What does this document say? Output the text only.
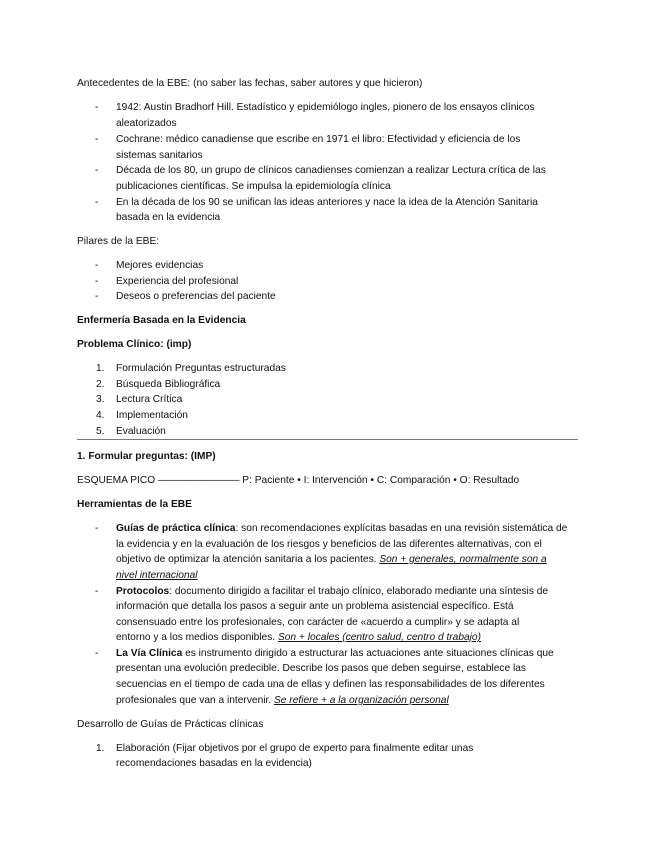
Antecedentes de la EBE: (no saber las fechas, saber autores y que hicieron)
- 1942: Austin Bradhorf Hill. Estadístico y epidemiólogo ingles, pionero de los ensayos clínicos
aleatorizados
- Cochrane: médico canadiense que escribe en 1971 el libro: Efectividad y eficiencia de los
sistemas sanitarios
- Década de los 80, un grupo de clínicos canadienses comienzan a realizar Lectura crítica de las
publicaciones científicas. Se impulsa la epidemiología clínica
- En la década de los 90 se unifican las ideas anteriores y nace la idea de la Atención Sanitaria
basada en la evidencia
Pilares de la EBE:
- Mejores evidencias
- Experiencia del profesional
- Deseos o preferencias del paciente
Enfermería Basada en la Evidencia
Problema Clínico: (imp)
1. Formulación Preguntas estructuradas
2. Búsqueda Bibliográfica
3. Lectura Crítica
4. Implementación
5. Evaluación
1. Formular preguntas: (IMP)
ESQUEMA PICO ———————— P: Paciente • I: Intervención • C: Comparación • O: Resultado
Herramientas de la EBE
- Guías de práctica clínica: son recomendaciones explícitas basadas en una revisión sistemática de
la evidencia y en la evaluación de los riesgos y beneficios de las diferentes alternativas, con el
objetivo de optimizar la atención sanitaria a los pacientes. Son + generales, normalmente son a
nivel internacional
- Protocolos: documento dirigido a facilitar el trabajo clínico, elaborado mediante una síntesis de
información que detalla los pasos a seguir ante un problema asistencial específico. Está
consensuado entre los profesionales, con carácter de «acuerdo a cumplir» y se adapta al
entorno y a los medios disponibles. Son + locales (centro salud, centro d trabajo)
- La Vía Clínica es instrumento dirigido a estructurar las actuaciones ante situaciones clínicas que
presentan una evolución predecible. Describe los pasos que deben seguirse, establece las
secuencias en el tiempo de cada una de ellas y definen las responsabilidades de los diferentes
profesionales que van a intervenir. Se refiere + a la organización personal
Desarrollo de Guías de Prácticas clínicas
1. Elaboración (Fijar objetivos por el grupo de experto para finalmente editar unas
recomendaciones basadas en la evidencia)
